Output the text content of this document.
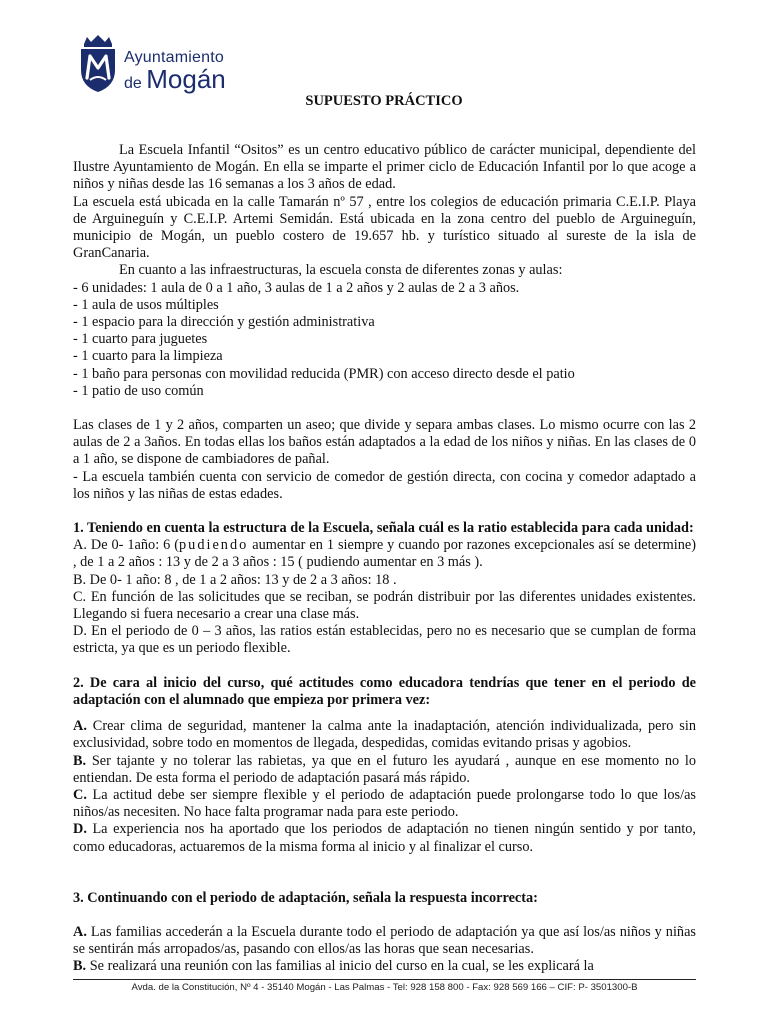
Ayuntamiento
de Mogán
SUPUESTO PRÁCTICO

La Escuela Infantil “Ositos” es un centro educativo público de carácter municipal, dependiente del Ilustre Ayuntamiento de Mogán. En ella se imparte el primer ciclo de Educación Infantil por lo que acoge a niños y niñas desde las 16 semanas a los 3 años de edad.

La escuela está ubicada en la calle Tamarán nº 57 , entre los colegios de educación primaria C.E.I.P. Playa de Arguineguín y C.E.I.P. Artemi Semidán. Está ubicada en la zona centro del pueblo de Arguineguín, municipio de Mogán, un pueblo costero de 19.657 hb. y turístico situado al sureste de la isla de GranCanaria.

En cuanto a las infraestructuras, la escuela consta de diferentes zonas y aulas:

- 6 unidades: 1 aula de 0 a 1 año, 3 aulas de 1 a 2 años y 2 aulas de 2 a 3 años.

- 1 aula de usos múltiples

- 1 espacio para la dirección y gestión administrativa

- 1 cuarto para juguetes

- 1 cuarto para la limpieza

- 1 baño para personas con movilidad reducida (PMR) con acceso directo desde el patio

- 1 patio de uso común

Las clases de 1 y 2 años, comparten un aseo; que divide y separa ambas clases. Lo mismo ocurre con las 2 aulas de 2 a 3años. En todas ellas los baños están adaptados a la edad de los niños y niñas. En las clases de 0 a 1 año, se dispone de cambiadores de pañal.

- La escuela también cuenta con servicio de comedor de gestión directa, con cocina y comedor adaptado a los niños y las niñas de estas edades.

1. Teniendo en cuenta la estructura de la Escuela, señala cuál es la ratio establecida para cada unidad:

A. De 0- 1año: 6 (pudiendo aumentar en 1 siempre y cuando por razones excepcionales así se determine) , de 1 a 2 años : 13 y de 2 a 3 años : 15 ( pudiendo aumentar en 3 más ).

B. De 0- 1 año: 8 , de 1 a 2 años: 13 y de 2 a 3 años: 18 .

C. En función de las solicitudes que se reciban, se podrán distribuir por las diferentes unidades existentes. Llegando si fuera necesario a crear una clase más.

D. En el periodo de 0 – 3 años, las ratios están establecidas, pero no es necesario que se cumplan de forma estricta, ya que es un periodo flexible.

2. De cara al inicio del curso, qué actitudes como educadora tendrías que tener en el periodo de adaptación con el alumnado que empieza por primera vez:

A. Crear clima de seguridad, mantener la calma ante la inadaptación, atención individualizada, pero sin exclusividad, sobre todo en momentos de llegada, despedidas, comidas evitando prisas y agobios.

B. Ser tajante y no tolerar las rabietas, ya que en el futuro les ayudará , aunque en ese momento no lo entiendan. De esta forma el periodo de adaptación pasará más rápido.

C. La actitud debe ser siempre flexible y el periodo de adaptación puede prolongarse todo lo que los/as niños/as necesiten. No hace falta programar nada para este periodo.

D. La experiencia nos ha aportado que los periodos de adaptación no tienen ningún sentido y por tanto, como educadoras, actuaremos de la misma forma al inicio y al finalizar el curso.

3. Continuando con el periodo de adaptación, señala la respuesta incorrecta:

A. Las familias accederán a la Escuela durante todo el periodo de adaptación ya que así los/as niños y niñas se sentirán más arropados/as, pasando con ellos/as las horas que sean necesarias.

B. Se realizará una reunión con las familias al inicio del curso en la cual, se les explicará la

Avda. de la Constitución, Nº 4 - 35140 Mogán - Las Palmas - Tel: 928 158 800 - Fax: 928 569 166 – CIF: P- 3501300-B
